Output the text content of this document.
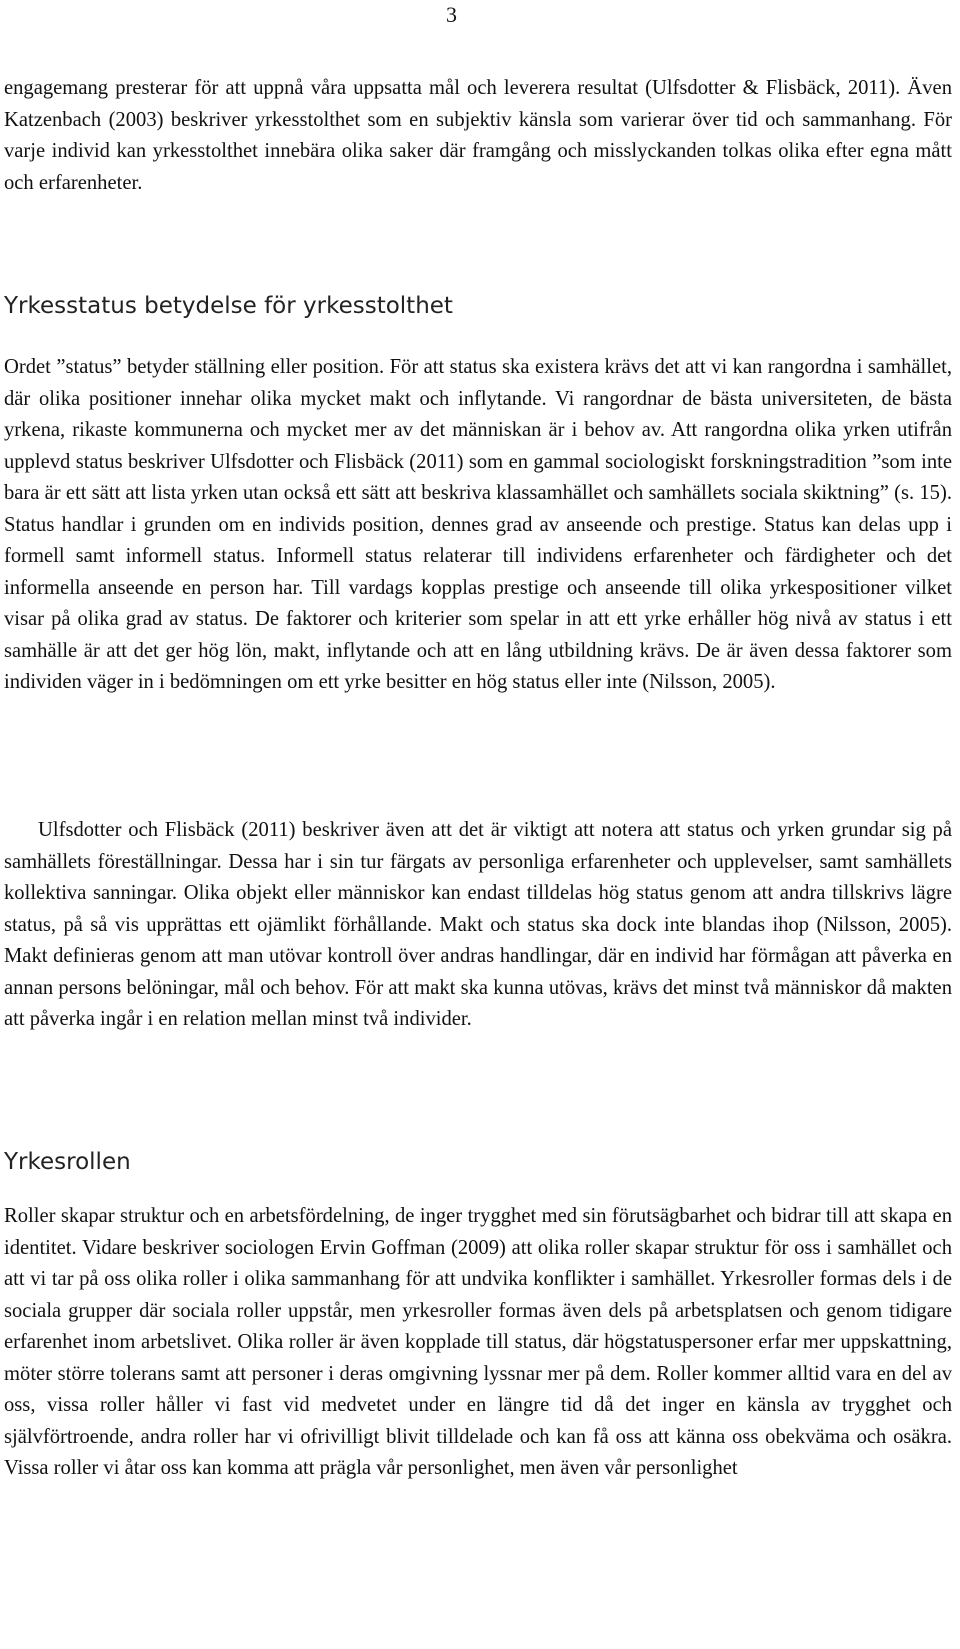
3

engagemang presterar för att uppnå våra uppsatta mål och leverera resultat (Ulfsdotter & Flisbäck, 2011). Även Katzenbach (2003) beskriver yrkesstolthet som en subjektiv känsla som varierar över tid och sammanhang. För varje individ kan yrkesstolthet innebära olika saker där framgång och misslyckanden tolkas olika efter egna mått och erfarenheter.

Yrkesstatus betydelse för yrkesstolthet

Ordet ”status” betyder ställning eller position. För att status ska existera krävs det att vi kan rangordna i samhället, där olika positioner innehar olika mycket makt och inflytande. Vi rangordnar de bästa universiteten, de bästa yrkena, rikaste kommunerna och mycket mer av det människan är i behov av. Att rangordna olika yrken utifrån upplevd status beskriver Ulfsdotter och Flisbäck (2011) som en gammal sociologiskt forskningstradition ”som inte bara är ett sätt att lista yrken utan också ett sätt att beskriva klassamhället och samhällets sociala skiktning” (s. 15). Status handlar i grunden om en individs position, dennes grad av anseende och prestige. Status kan delas upp i formell samt informell status. Informell status relaterar till individens erfarenheter och färdigheter och det informella anseende en person har. Till vardags kopplas prestige och anseende till olika yrkespositioner vilket visar på olika grad av status. De faktorer och kriterier som spelar in att ett yrke erhåller hög nivå av status i ett samhälle är att det ger hög lön, makt, inflytande och att en lång utbildning krävs. De är även dessa faktorer som individen väger in i bedömningen om ett yrke besitter en hög status eller inte (Nilsson, 2005).

Ulfsdotter och Flisbäck (2011) beskriver även att det är viktigt att notera att status och yrken grundar sig på samhällets föreställningar. Dessa har i sin tur färgats av personliga erfarenheter och upplevelser, samt samhällets kollektiva sanningar. Olika objekt eller människor kan endast tilldelas hög status genom att andra tillskrivs lägre status, på så vis upprättas ett ojämlikt förhållande. Makt och status ska dock inte blandas ihop (Nilsson, 2005). Makt definieras genom att man utövar kontroll över andras handlingar, där en individ har förmågan att påverka en annan persons belöningar, mål och behov. För att makt ska kunna utövas, krävs det minst två människor då makten att påverka ingår i en relation mellan minst två individer.

Yrkesrollen

Roller skapar struktur och en arbetsfördelning, de inger trygghet med sin förutsägbarhet och bidrar till att skapa en identitet. Vidare beskriver sociologen Ervin Goffman (2009) att olika roller skapar struktur för oss i samhället och att vi tar på oss olika roller i olika sammanhang för att undvika konflikter i samhället. Yrkesroller formas dels i de sociala grupper där sociala roller uppstår, men yrkesroller formas även dels på arbetsplatsen och genom tidigare erfarenhet inom arbetslivet. Olika roller är även kopplade till status, där högstatuspersoner erfar mer uppskattning, möter större tolerans samt att personer i deras omgivning lyssnar mer på dem. Roller kommer alltid vara en del av oss, vissa roller håller vi fast vid medvetet under en längre tid då det inger en känsla av trygghet och självförtroende, andra roller har vi ofrivilligt blivit tilldelade och kan få oss att känna oss obekväma och osäkra. Vissa roller vi åtar oss kan komma att prägla vår personlighet, men även vår personlighet
